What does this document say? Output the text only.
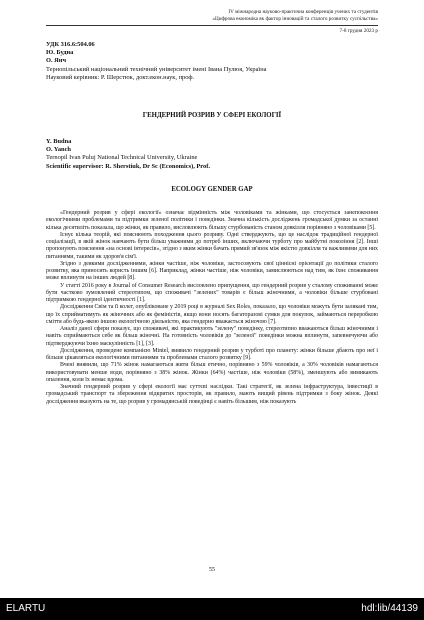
IV міжнародна науково-практична конференція учених та студентів
«Цифрова економіка як фактор інновацій та сталого розвитку суспільства»
7-8 грудня 2023 р
УДК 316.6:504.06
Ю. Будна
О. Янч
Тернопільський національний технічний університет імені Івана Пулюя, Україна
Науковий керівник: Р. Шерстюк, докт.екон.наук, проф.
ГЕНДЕРНИЙ РОЗРИВ У СФЕРІ ЕКОЛОГІЇ
Y. Budna
O. Yanch
Ternopil Ivan Puluj National Technical University, Ukraine
Scientific supervisor: R. Sherstiuk, Dr Sc (Economics), Prof.
ECOLOGY GENDER GAP

«Гендерний розрив у сфері екології» означає відмінність між чоловіками та жінками, що стосується занепокоєння екологічними проблемами та підтримки зеленої політики і поведінки. Значна кількість досліджень громадської думки за останні кілька десятиліть показала, що жінки, як правило, висловлюють більшу стурбованість станом довкілля порівняно з чоловіками [5].

Існує кілька теорій, які пояснюють походження цього розриву. Одні стверджують, що це наслідок традиційної гендерної соціалізації, в якій жінок навчають бути більш уважними до потреб інших, включаючи турботу про майбутні покоління [2]. Інші пропонують пояснення «на основі інтересів», згідно з яким жінки бачать прямий зв'язок між якістю довкілля та важливими для них питаннями, такими як здоров'я сім'ї.

Згідно з деякими дослідженнями, жінки частіше, ніж чоловіки, застосовують свої ціннісні орієнтації до політики сталого розвитку, яка приносить користь іншим [6]. Наприклад, жінки частіше, ніж чоловіки, замислюються над тим, як їхнє споживання може вплинути на інших людей [8].

У статті 2016 року в Journal of Consumer Research висловлено припущення, що гендерний розрив у сталому споживанні може бути частково зумовлений стереотипом, що споживачі "зелених" товарів є більш жіночними, а чоловіки більше стурбовані підтримкою гендерної ідентичності [1].

Дослідження Свім та її колег, опубліковане у 2019 році в журналі Sex Roles, показало, що чоловіки можуть бути залякані тим, що їх сприйматимуть як жіночних або як феміністів, якщо вони носять багаторазові сумки для покупок, займаються переробкою сміття або будь-якою іншою екологічною діяльністю, яка гендерно вважається жіночою [7].

Аналіз даної сфери показує, що споживачі, які практикують "зелену" поведінку, стереотипно вважаються більш жіночними і навіть сприймаються себе як більш жіночні. На готовність чоловіків до "зеленої" поведінки можна вплинути, запевнечуючи або підтверджуючи їхню маскулінність [1], [3].

Дослідження, проведене компанією Mintel, виявило гендерний розрив у турботі про планету: жінки більше дбають про неї і більше цікавляться екологічними питаннями та проблемами сталого розвитку [9].

Вчені виявили, що 71% жінок намагаються жити більш етично, порівняно з 59% чоловіків, а 30% чоловіків намагаються використовувати менше води, порівняно з 38% жінок. Жінки (64%) частіше, ніж чоловіки (58%), зменшують або вимикають опалення, коли їх немає вдома.

Значний гендерний розрив у сфері екології має суттєві наслідки. Такі стратегії, як зелена інфраструктура, інвестиції в громадський транспорт та збереження відкритих просторів, як правило, мають вищий рівень підтримки з боку жінок. Деякі дослідження вказують на те, що розрив у громадянській поведінці є навіть більшим, ніж показують

55
ELARTU	hdl:lib/44139
